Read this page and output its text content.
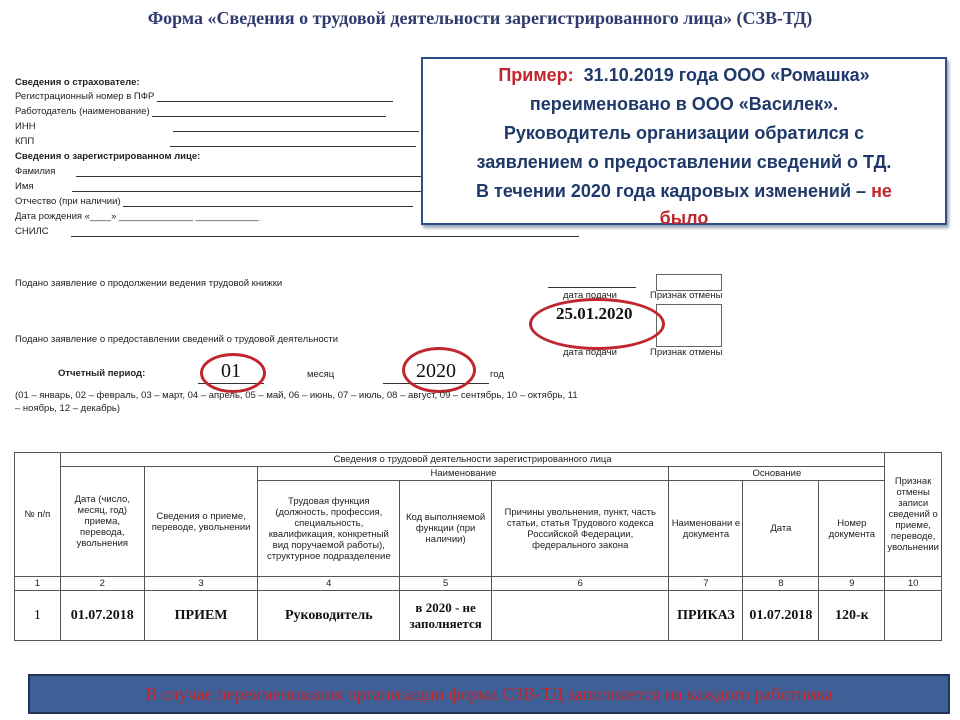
Форма «Сведения о трудовой деятельности зарегистрированного лица» (СЗВ-ТД)
Сведения о страхователе:
Регистрационный номер в ПФР
Работодатель (наименование)
ИНН
КПП
Сведения о зарегистрированном лице:
Фамилия
Имя
Отчество (при наличии)
Дата рождения «____» ______________ ____________
СНИЛС
Пример: 31.10.2019 года ООО «Ромашка»
переименовано в ООО «Василек».
Руководитель организации обратился с
заявлением о предоставлении сведений о ТД.
В течении 2020 года кадровых изменений – не
было
Подано заявление о продолжении ведения трудовой книжки
дата подачи	Признак отмены
Подано заявление о предоставлении сведений о трудовой деятельности
25.01.2020
дата подачи	Признак отмены
Отчетный период:	01	месяц	2020	год
(01 – январь, 02 – февраль, 03 – март, 04 – апрель, 05 – май, 06 – июнь, 07 – июль, 08 – август, 09 – сентябрь, 10 – октябрь, 11
– ноябрь, 12 – декабрь)
№ п/п	Сведения о трудовой деятельности зарегистрированного лица								Признак отмены записи сведений о приеме, переводе, увольнении
	Дата (число, месяц, год) приема, перевода, увольнения	Сведения о приеме, переводе, увольнении	Наименование			Основание			
			Трудовая функция (должность, профессия, специальность, квалификация, конкретный вид поручаемой работы), структурное подразделение	Код выполняемой функции (при наличии)	Причины увольнения, пункт, часть статьи, статья Трудового кодекса Российской Федерации, федерального закона	Наименовани е документа	Дата	Номер документа	
1	2	3	4	5	6	7	8	9	10
1	01.07.2018	ПРИЕМ	Руководитель	в 2020 - не заполняется		ПРИКАЗ	01.07.2018	120-к	
В случае переименования организации форма СЗВ-ТД заполняется на каждого работника
